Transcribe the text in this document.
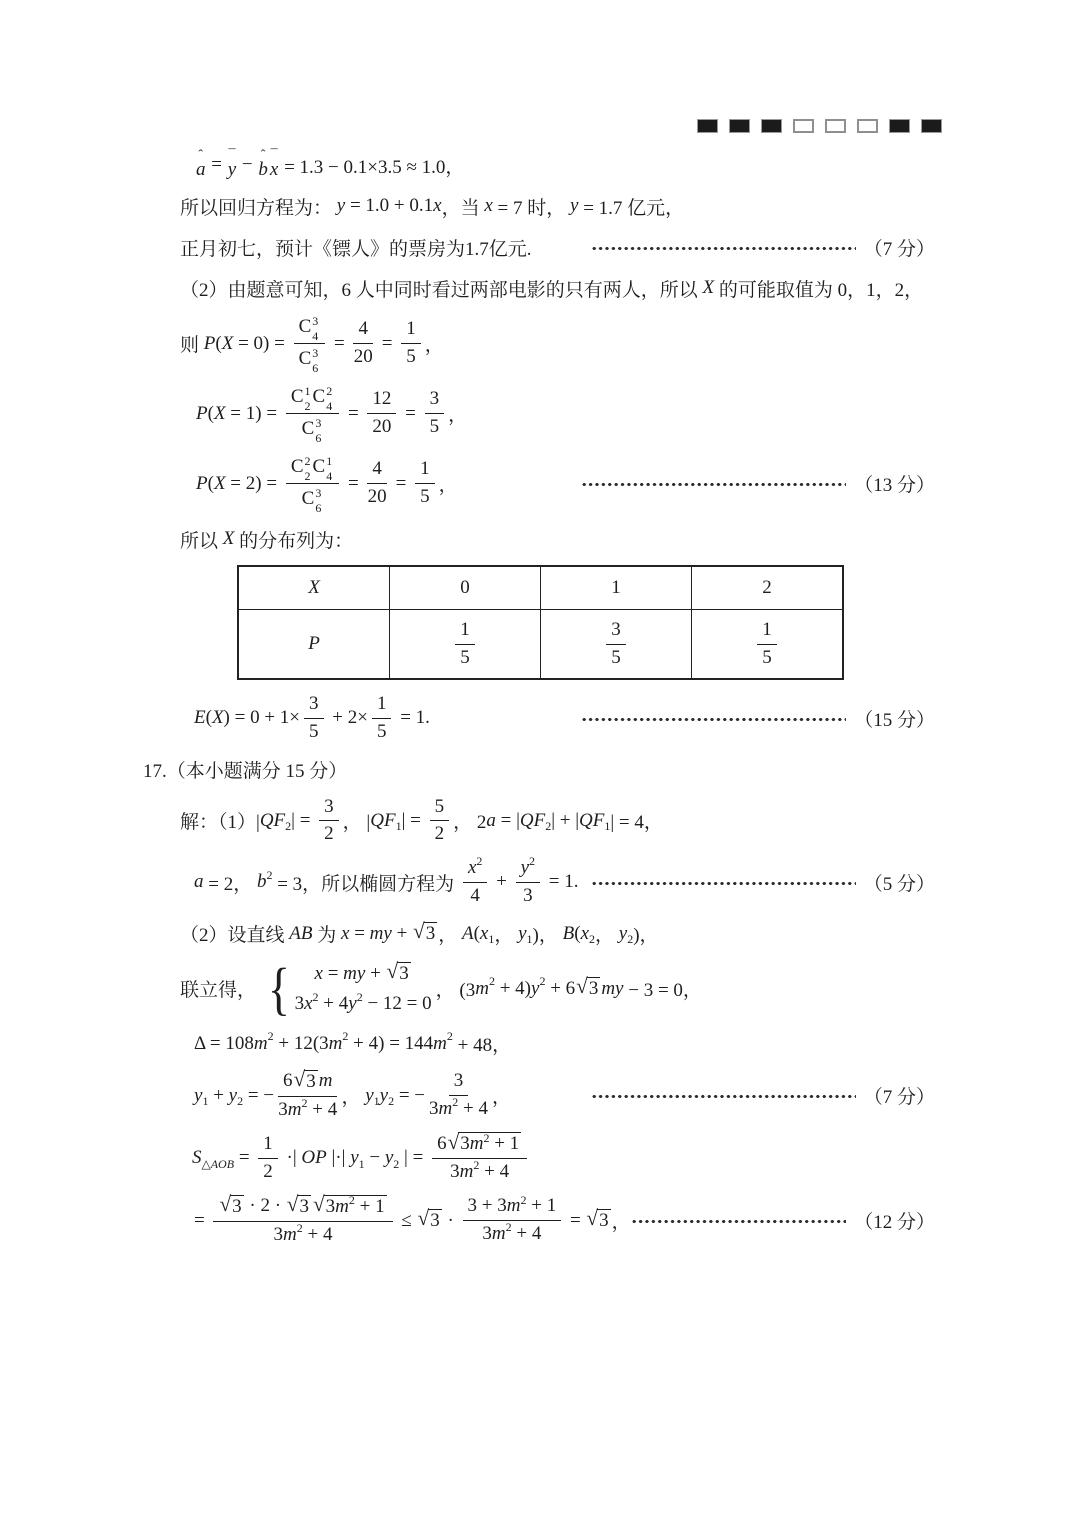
ˆ
a = ¯
y − ˆ
b
¯
x = 1.3 − 0.1×3.5 ≈ 1.0，
所以回归方程为： y = 1.0 + 0.1 x ，当 x = 7 时， y = 1.7 亿元，
正月初七，预计《镖人》的票房为1.7亿元.	（7 分）
（2）由题意可知，6 人中同时看过两部电影的只有两人，所以 X 的可能取值为 0，1，2，
则 P ( X = 0) = C 3
4
C 3
$6 = \frac{4}{20} = \frac{1}{5}$ ，
P ( X = 1) = C 1
2 C 2
4
C 3
$6 = \frac{12}{20} = \frac{3}{5}$ ，
P ( X = 2) = C 2
2 C 1
4
C 3
$6 = \frac{4}{20} = \frac{1}{5}$ ，	（13 分）
所以 X 的分布列为：
X	0	1	2

P	$\frac{1}{5}$	$\frac{3}{5}$	$\frac{1}{5}$
E ( X ) = $0 + 1\times \frac{3}{5} + 2\times \frac{1}{5} = 1$.	（15 分）
17.（本小题满分 15 分）
解：（1）| QF 2 | = $\frac{3}{2}$ ， | QF 1 | = $\frac{5}{2}$ ， 2 a = | QF 2 | + | QF 1 | = 4，
a = 2， b 2 = 3，所以椭圆方程为 $\frac{x 2}{4} + \frac{y 2}{3} = 1$.	（5 分）
（2）设直线 AB 为 x = my + √ 3 ， A ( x 1 ， y 1 )， B ( x 2 ， y 2 )，
联立得， { x = my + √ 3
3 x 2 + 4 y 2 − 12 = 0
， (3 m 2 + 4) y 2 + 6 √ 3 my − 3 = 0，
Δ = 108 m 2 + 12(3 m 2 + 4) = 144 m 2 + 48，
y 1 + y 2 = − $\frac{6 √ 3 m}{3 m 2 + 4}$ ， y 1 y 2 = − $\frac{3}{3 m 2 + 4}$ ，	（7 分）
S △AOB = $\frac{1}{2}$ ·| OP |·| y 1 − y 2 | = $\frac{6 √ 3 m 2 + 1}{3 m 2 + 4}$
= $\frac{√ 3 \cdot 2 \cdot √ 3 √ 3 m 2 + 1}{3 m 2 + 4}$ ≤ √ $3 \cdot \frac{3 + 3 m 2 + 1}{3 m 2 + 4}$ = √ 3 ，	（12 分）
